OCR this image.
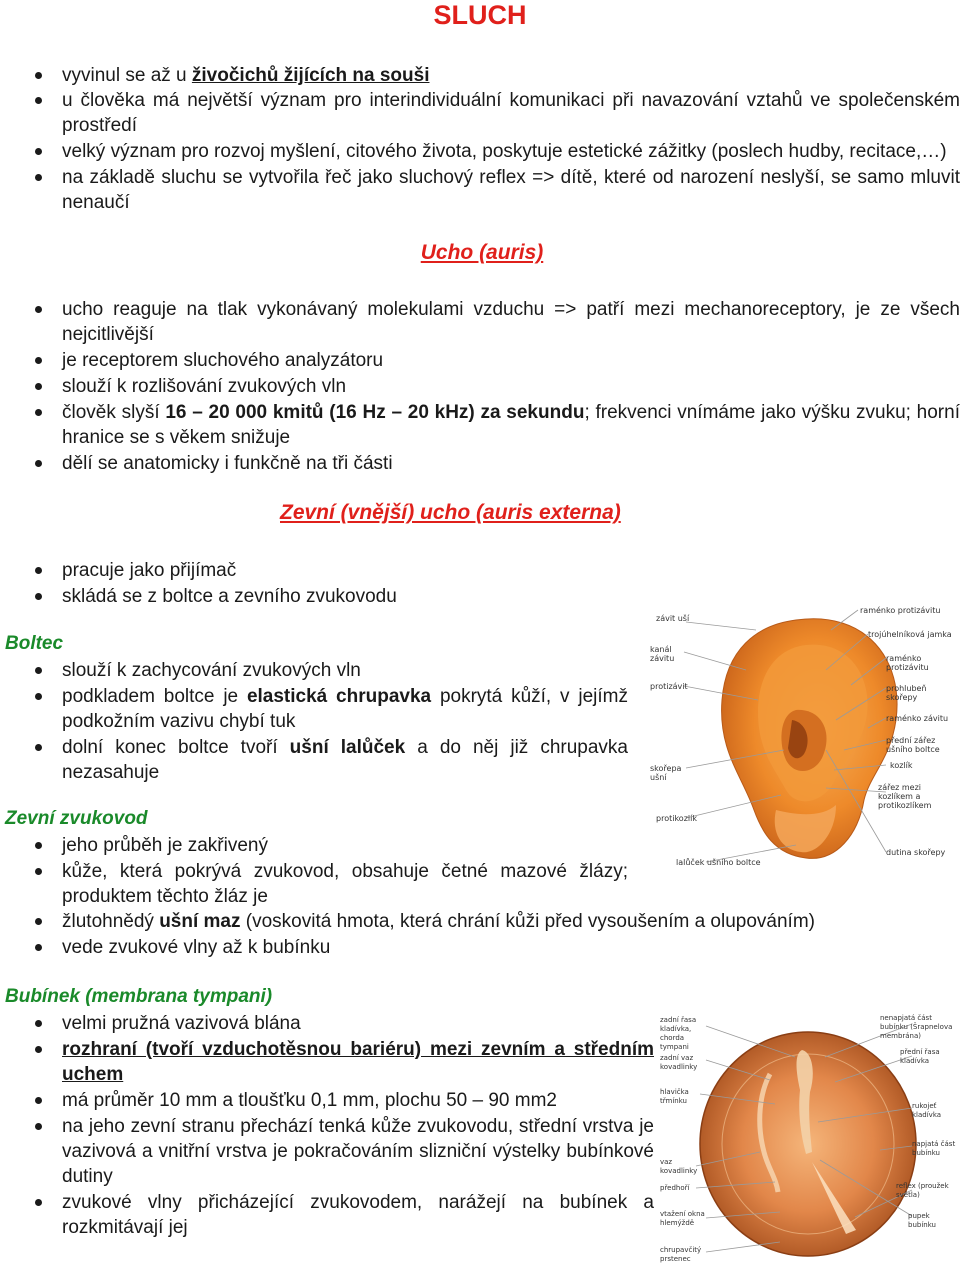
SLUCH
vyvinul se až u živočichů žijících na souši
u člověka má největší význam pro interindividuální komunikaci při navazování vztahů ve společenském prostředí
velký význam pro rozvoj myšlení, citového života, poskytuje estetické zážitky (poslech hudby, recitace,…)
na základě sluchu se vytvořila řeč jako sluchový reflex => dítě, které od narození neslyší, se samo mluvit nenaučí
Ucho (auris)
ucho reaguje na tlak vykonávaný molekulami vzduchu => patří mezi mechanoreceptory, je ze všech nejcitlivější
je receptorem sluchového analyzátoru
slouží k rozlišování zvukových vln
člověk slyší 16 – 20 000 kmitů (16 Hz – 20 kHz) za sekundu; frekvenci vnímáme jako výšku zvuku; horní hranice se s věkem snižuje
dělí se anatomicky i funkčně na tři části
Zevní (vnější) ucho (auris externa)
pracuje jako přijímač
skládá se z boltce a zevního zvukovodu
Boltec
slouží k zachycování zvukových vln
podkladem boltce je elastická chrupavka pokrytá kůží, v jejímž podkožním vazivu chybí tuk
dolní konec boltce tvoří ušní lalůček a do něj již chrupavka nezasahuje
Zevní zvukovod
jeho průběh je zakřivený
kůže, která pokrývá zvukovod, obsahuje četné mazové žlázy; produktem těchto žláz je
žlutohnědý ušní maz (voskovitá hmota, která chrání kůži před vysoušením a olupováním)
vede zvukové vlny až k bubínku
Bubínek (membrana tympani)
velmi pružná vazivová blána
rozhraní (tvoří vzduchotěsnou bariéru) mezi zevním a středním uchem
má průměr 10 mm a tloušťku 0,1 mm, plochu 50 – 90 mm2
na jeho zevní stranu přechází tenká kůže zvukovodu, střední vrstva je vazivová a vnitřní vrstva je pokračováním sliznіční výstelky bubínkové dutiny
zvukové vlny přicházející zvukovodem, narážejí na bubínek a rozkmitávají jej
závit uší
kanál závitu
protizávit
skořepa ušní
protikozlík
lalůček ušního boltce
raménko protizávitu
trojúhelníková jamka
raménko protizávitu
prohlubeň skořepy
raménko závitu
přední zářez ušního boltce
kozlík
zářez mezi kozlíkem a protikozlíkem
dutina skořepy
zadní řasa kladívka, chorda tympani
zadní vaz kovadlinky
hlavička třmínku
vaz kovadlinky
předhoří
vtažení okna hlemýždě
chrupavčitý prstenec
nenapjatá část bubínku (Šrapnelova membrána)
přední řasa kladívka
rukojeť kladívka
napjatá část bubínku
reflex (proužek světla)
pupek bubínku
